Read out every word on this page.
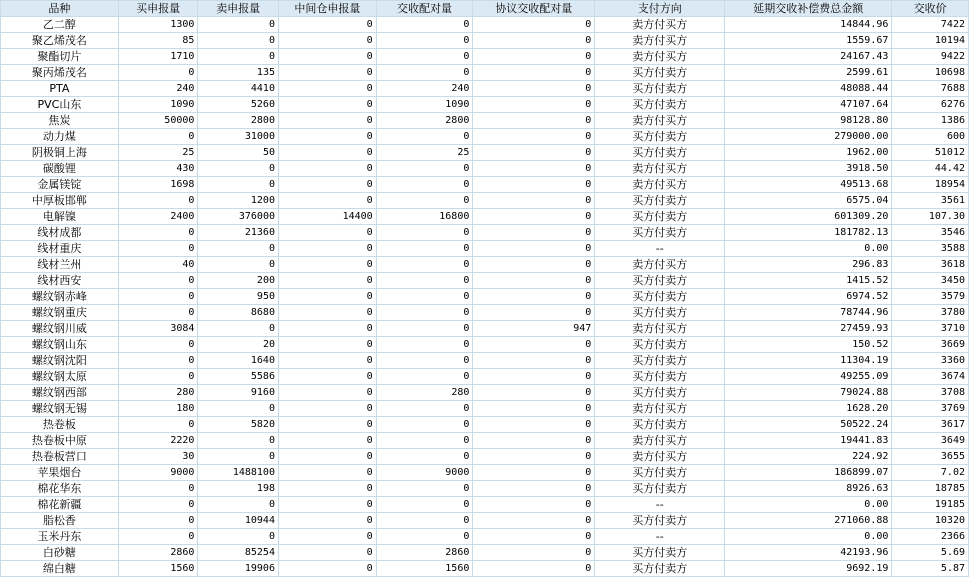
品种	买申报量	卖申报量	中间仓申报量	交收配对量	协议交收配对量	支付方向	延期交收补偿费总金额	交收价
乙二醇	1300	0	0	0	0	卖方付买方	14844.96	7422
聚乙烯茂名	85	0	0	0	0	卖方付买方	1559.67	10194
聚酯切片	1710	0	0	0	0	卖方付买方	24167.43	9422
聚丙烯茂名	0	135	0	0	0	买方付卖方	2599.61	10698
PTA	240	4410	0	240	0	买方付卖方	48088.44	7688
PVC山东	1090	5260	0	1090	0	买方付卖方	47107.64	6276
焦炭	50000	2800	0	2800	0	卖方付买方	98128.80	1386
动力煤	0	31000	0	0	0	买方付卖方	279000.00	600
阴极铜上海	25	50	0	25	0	买方付卖方	1962.00	51012
碳酸锂	430	0	0	0	0	卖方付买方	3918.50	44.42
金属镁锭	1698	0	0	0	0	卖方付买方	49513.68	18954
中厚板邯郸	0	1200	0	0	0	买方付卖方	6575.04	3561
电解镍	2400	376000	14400	16800	0	买方付卖方	601309.20	107.30
线材成都	0	21360	0	0	0	买方付卖方	181782.13	3546
线材重庆	0	0	0	0	0	--	0.00	3588
线材兰州	40	0	0	0	0	卖方付买方	296.83	3618
线材西安	0	200	0	0	0	买方付卖方	1415.52	3450
螺纹钢赤峰	0	950	0	0	0	买方付卖方	6974.52	3579
螺纹钢重庆	0	8680	0	0	0	买方付卖方	78744.96	3780
螺纹钢川威	3084	0	0	0	947	卖方付买方	27459.93	3710
螺纹钢山东	0	20	0	0	0	买方付卖方	150.52	3669
螺纹钢沈阳	0	1640	0	0	0	买方付卖方	11304.19	3360
螺纹钢太原	0	5586	0	0	0	买方付卖方	49255.09	3674
螺纹钢西部	280	9160	0	280	0	买方付卖方	79024.88	3708
螺纹钢无锡	180	0	0	0	0	卖方付买方	1628.20	3769
热卷板	0	5820	0	0	0	买方付卖方	50522.24	3617
热卷板中原	2220	0	0	0	0	卖方付买方	19441.83	3649
热卷板营口	30	0	0	0	0	卖方付买方	224.92	3655
苹果烟台	9000	1488100	0	9000	0	买方付卖方	186899.07	7.02
棉花华东	0	198	0	0	0	买方付卖方	8926.63	18785
棉花新疆	0	0	0	0	0	--	0.00	19185
脂松香	0	10944	0	0	0	买方付卖方	271060.88	10320
玉米丹东	0	0	0	0	0	--	0.00	2366
白砂糖	2860	85254	0	2860	0	买方付卖方	42193.96	5.69
绵白糖	1560	19906	0	1560	0	买方付卖方	9692.19	5.87
